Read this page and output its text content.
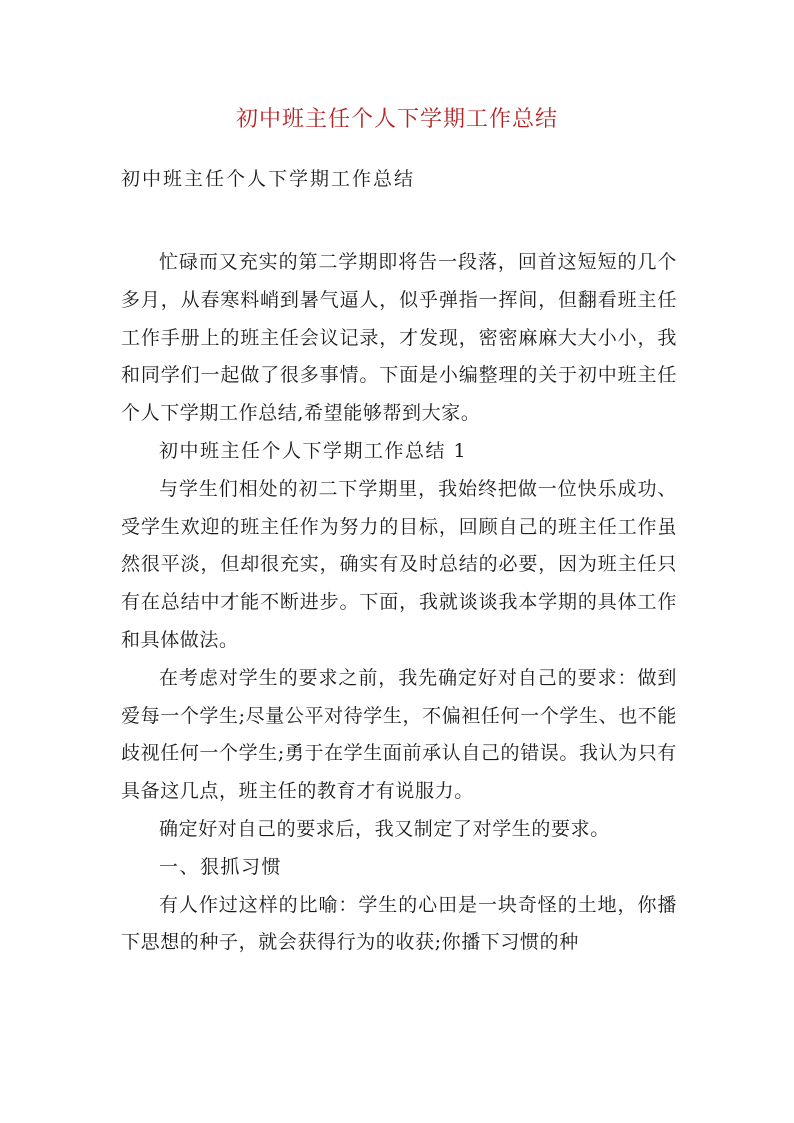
初中班主任个人下学期工作总结
初中班主任个人下学期工作总结

忙碌而又充实的第二学期即将告一段落，回首这短短的几个多月，从春寒料峭到暑气逼人，似乎弹指一挥间，但翻看班主任工作手册上的班主任会议记录，才发现，密密麻麻大大小小，我和同学们一起做了很多事情。下面是小编整理的关于初中班主任个人下学期工作总结,希望能够帮到大家。

初中班主任个人下学期工作总结 1

与学生们相处的初二下学期里，我始终把做一位快乐成功、受学生欢迎的班主任作为努力的目标，回顾自己的班主任工作虽然很平淡，但却很充实，确实有及时总结的必要，因为班主任只有在总结中才能不断进步。下面，我就谈谈我本学期的具体工作和具体做法。

在考虑对学生的要求之前，我先确定好对自己的要求：做到爱每一个学生;尽量公平对待学生，不偏袒任何一个学生、也不能歧视任何一个学生;勇于在学生面前承认自己的错误。我认为只有具备这几点，班主任的教育才有说服力。

确定好对自己的要求后，我又制定了对学生的要求。

一、狠抓习惯

有人作过这样的比喻：学生的心田是一块奇怪的土地，你播下思想的种子，就会获得行为的收获;你播下习惯的种
